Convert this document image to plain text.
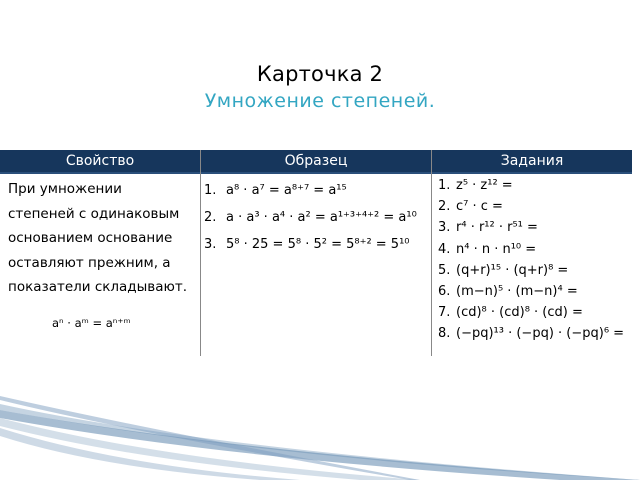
Карточка 2
Умножение степеней.
Свойство	Образец	Задания
При умножении
степеней с одинаковым
основанием основание
оставляют прежним, а
показатели складывают.
aⁿ · aᵐ = aⁿ⁺ᵐ
1. a⁸ · a⁷ = a⁸⁺⁷ = a¹⁵
2. a · a³ · a⁴ · a² = a¹⁺³⁺⁴⁺² = a¹⁰
3. 5⁸ · 25 = 5⁸ · 5² = 5⁸⁺² = 5¹⁰
1. z⁵ · z¹² =
2. c⁷ · c =
3. r⁴ · r¹² · r⁵¹ =
4. n⁴ · n · n¹⁰ =
5. (q+r)¹⁵ · (q+r)⁸ =
6. (m−n)⁵ · (m−n)⁴ =
7. (cd)⁸ · (cd)⁸ · (cd) =
8. (−pq)¹³ · (−pq) · (−pq)⁶ =
